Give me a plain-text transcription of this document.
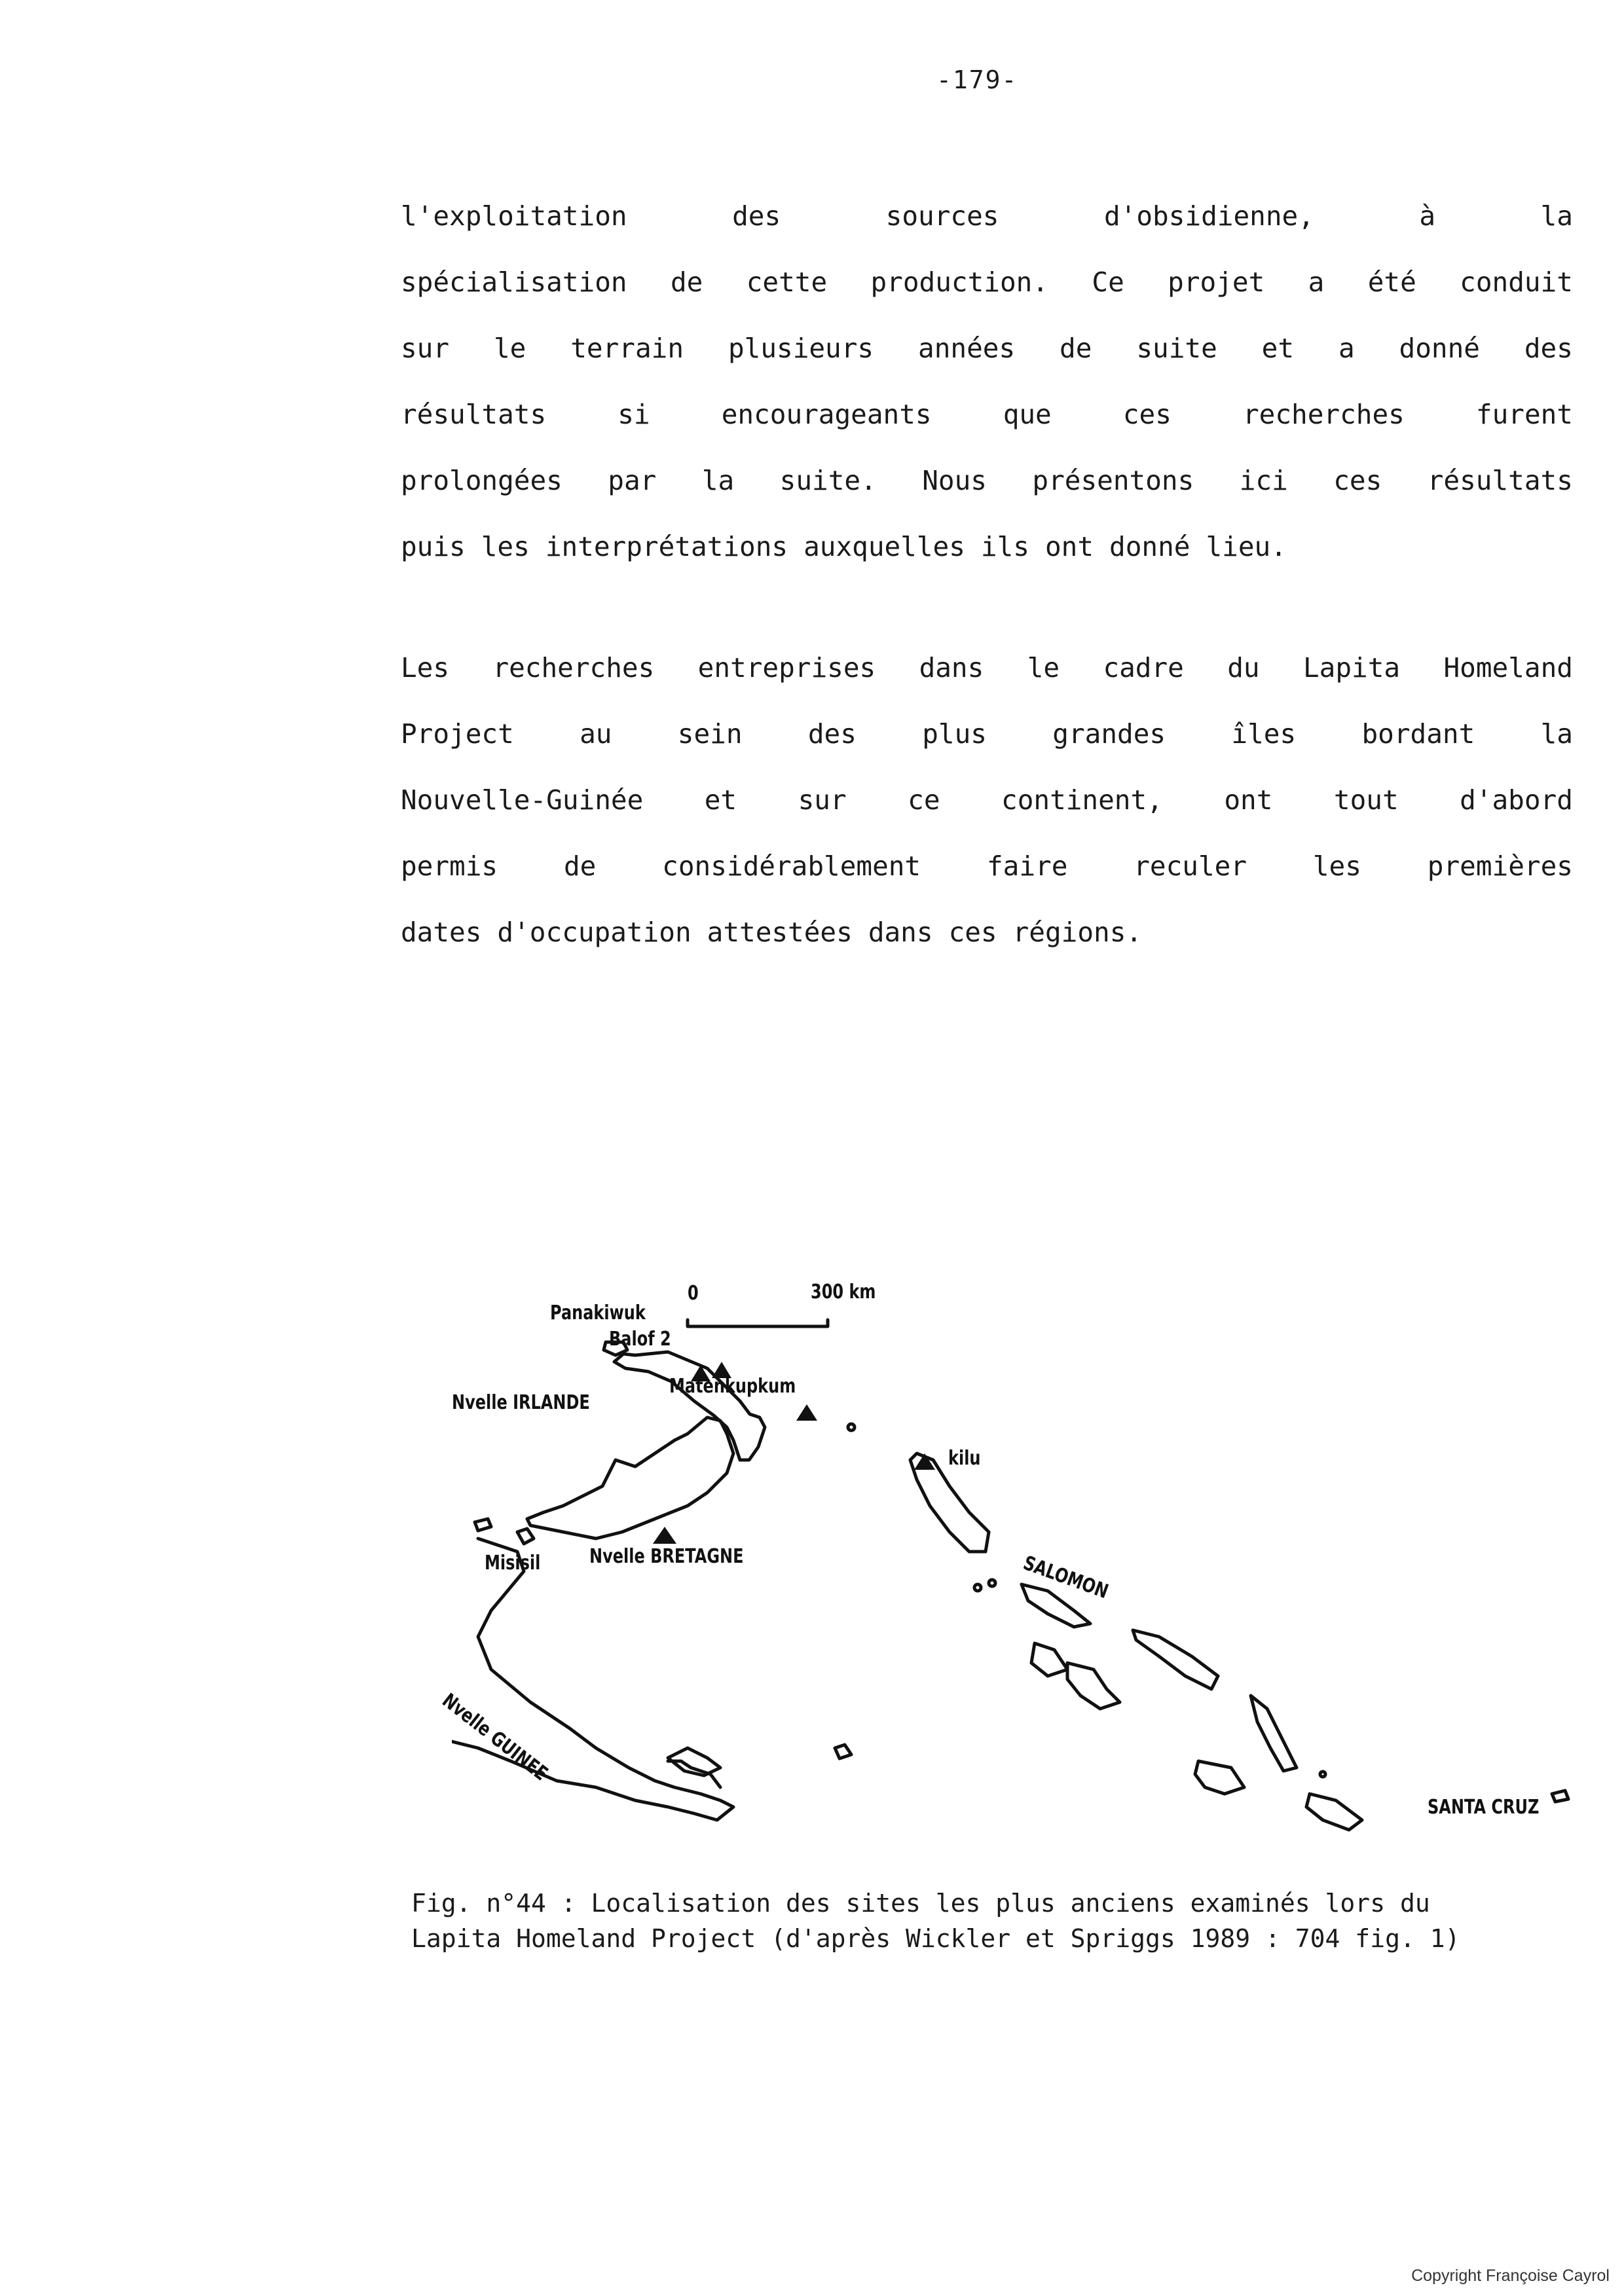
-179-
l'exploitation	des	sources	d'obsidienne,	à	la
spécialisation de cette production. Ce projet a été conduit
sur le terrain plusieurs années de suite et a donné des
résultats	si	encourageants	que	ces	recherches	furent
prolongées par la suite. Nous présentons ici ces résultats
puis les interprétations auxquelles ils ont donné lieu.
Les recherches entreprises dans le cadre du Lapita Homeland
Project au sein des plus grandes îles bordant la
Nouvelle-Guinée et sur ce continent, ont tout d'abord
permis de considérablement faire reculer les premières
dates d'occupation attestées dans ces régions.
0	300 km
Panakiwuk
Balof 2
Matenkupkum
Nvelle IRLANDE
kilu
Misisil Nvelle BRETAGNE	SALOMON
Nvelle GUINEE
SANTA CRUZ
Fig. n°44 : Localisation des sites les plus anciens examinés lors du
Lapita Homeland Project (d'après Wickler et Spriggs 1989 : 704 fig. 1)
Copyright Françoise Cayrol
